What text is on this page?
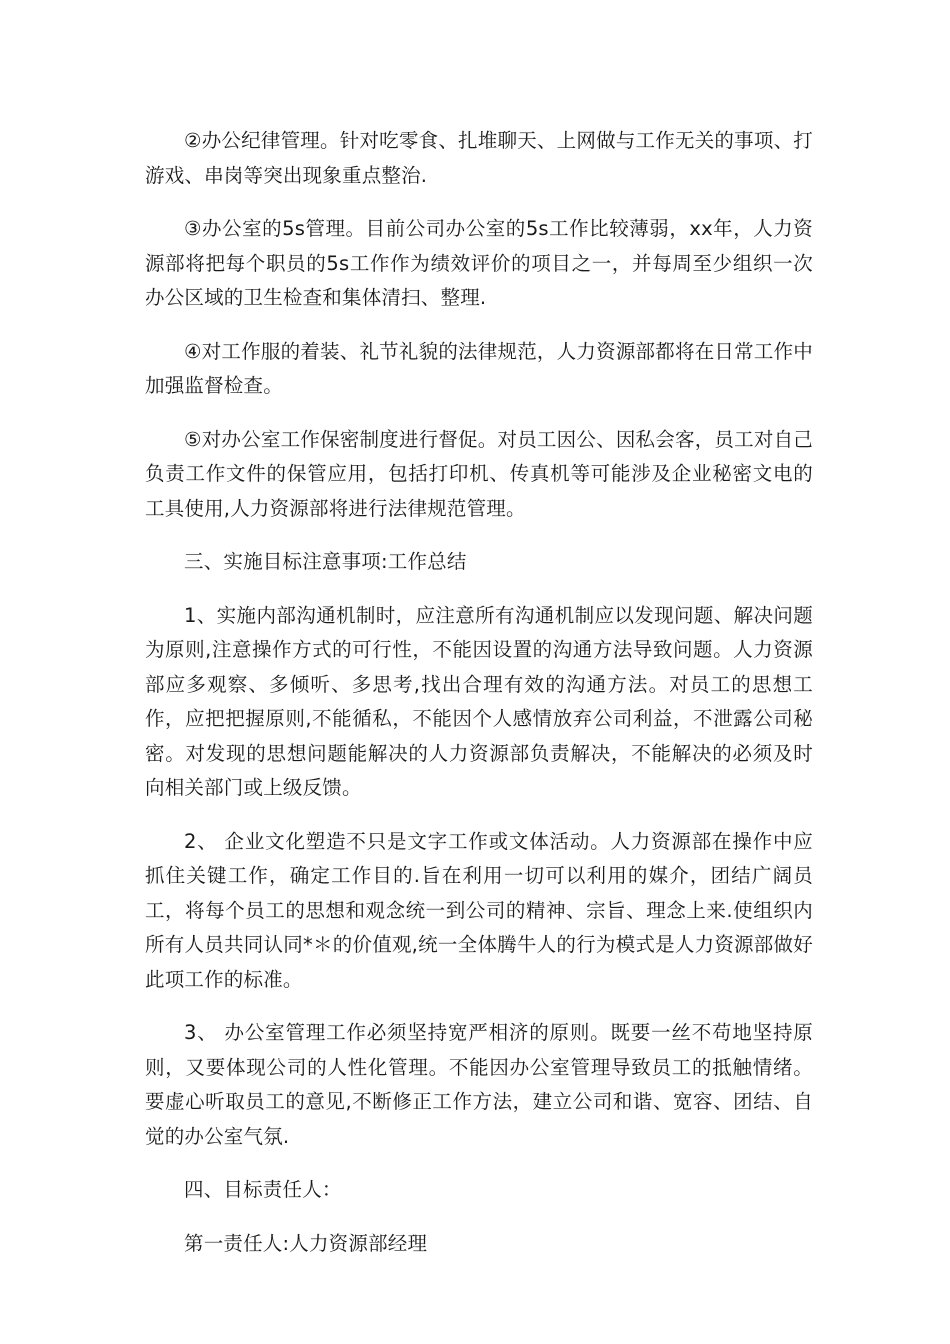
②办公纪律管理。针对吃零食、扎堆聊天、上网做与工作无关的事项、打游戏、串岗等突出现象重点整治.

③办公室的5s管理。目前公司办公室的5s工作比较薄弱，xx年，人力资源部将把每个职员的5s工作作为绩效评价的项目之一，并每周至少组织一次办公区域的卫生检查和集体清扫、整理.

④对工作服的着装、礼节礼貌的法律规范，人力资源部都将在日常工作中加强监督检查。

⑤对办公室工作保密制度进行督促。对员工因公、因私会客，员工对自己负责工作文件的保管应用，包括打印机、传真机等可能涉及企业秘密文电的工具使用,人力资源部将进行法律规范管理。

三、实施目标注意事项:工作总结

1、实施内部沟通机制时，应注意所有沟通机制应以发现问题、解决问题为原则,注意操作方式的可行性，不能因设置的沟通方法导致问题。人力资源部应多观察、多倾听、多思考,找出合理有效的沟通方法。对员工的思想工作，应把把握原则,不能循私，不能因个人感情放弃公司利益，不泄露公司秘密。对发现的思想问题能解决的人力资源部负责解决，不能解决的必须及时向相关部门或上级反馈。

2、 企业文化塑造不只是文字工作或文体活动。人力资源部在操作中应抓住关键工作，确定工作目的.旨在利用一切可以利用的媒介，团结广阔员工，将每个员工的思想和观念统一到公司的精神、宗旨、理念上来.使组织内所有人员共同认同*＊的价值观,统一全体腾牛人的行为模式是人力资源部做好此项工作的标准。

3、 办公室管理工作必须坚持宽严相济的原则。既要一丝不苟地坚持原则，又要体现公司的人性化管理。不能因办公室管理导致员工的抵触情绪。要虚心听取员工的意见,不断修正工作方法，建立公司和谐、宽容、团结、自觉的办公室气氛.

四、目标责任人：

第一责任人:人力资源部经理
